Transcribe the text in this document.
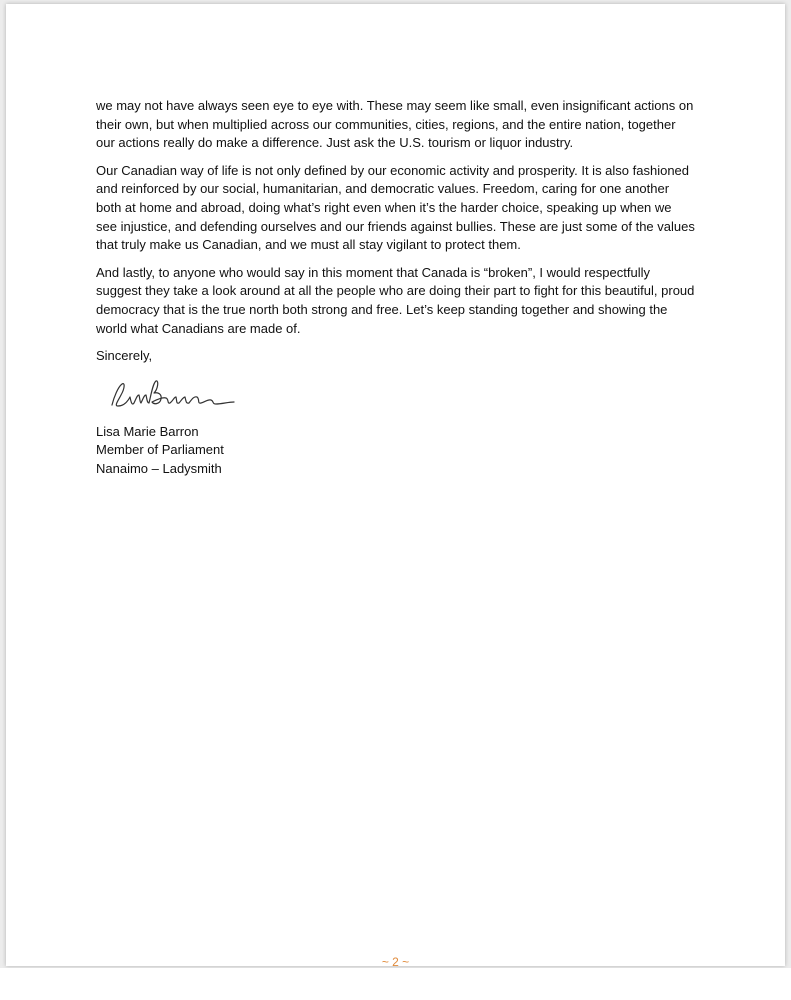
we may not have always seen eye to eye with. These may seem like small, even insignificant actions on their own, but when multiplied across our communities, cities, regions, and the entire nation, together our actions really do make a difference. Just ask the U.S. tourism or liquor industry.

Our Canadian way of life is not only defined by our economic activity and prosperity. It is also fashioned and reinforced by our social, humanitarian, and democratic values. Freedom, caring for one another both at home and abroad, doing what’s right even when it’s the harder choice, speaking up when we see injustice, and defending ourselves and our friends against bullies. These are just some of the values that truly make us Canadian, and we must all stay vigilant to protect them.

And lastly, to anyone who would say in this moment that Canada is “broken”, I would respectfully suggest they take a look around at all the people who are doing their part to fight for this beautiful, proud democracy that is the true north both strong and free. Let’s keep standing together and showing the world what Canadians are made of.

Sincerely,

Lisa Marie Barron
Member of Parliament
Nanaimo – Ladysmith
~ 2 ~
